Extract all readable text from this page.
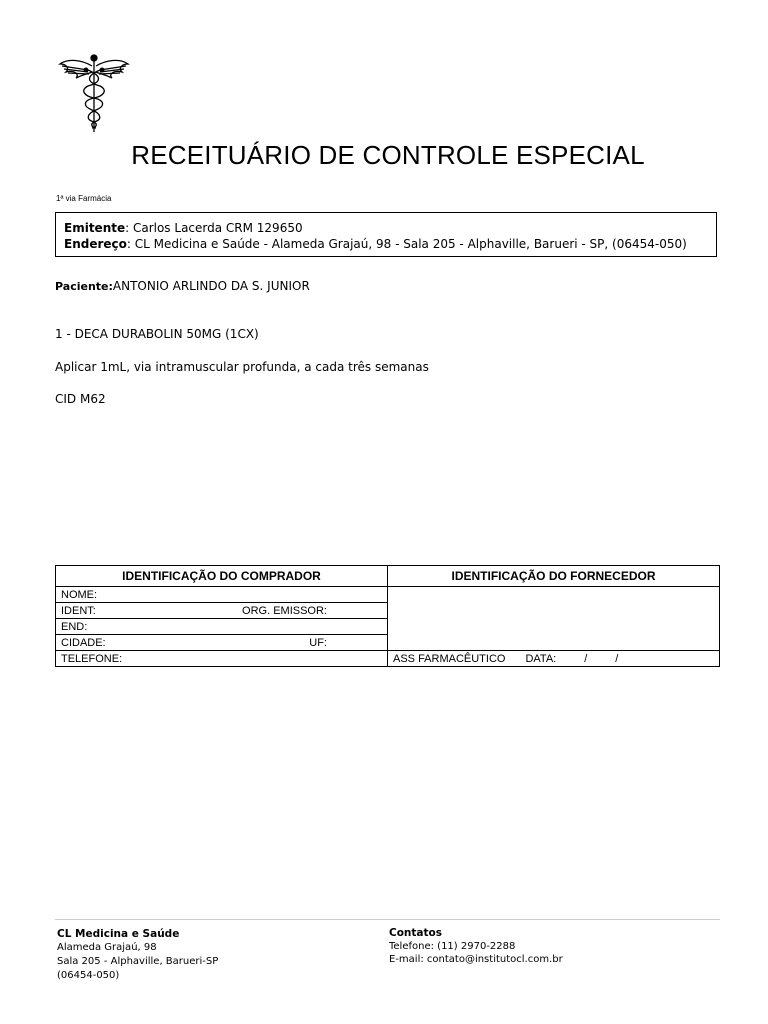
RECEITUÁRIO DE CONTROLE ESPECIAL
1ª via Farmácia
Emitente: Carlos Lacerda CRM 129650
Endereço: CL Medicina e Saúde - Alameda Grajaú, 98 - Sala 205 - Alphaville, Barueri - SP, (06454-050)
Paciente:ANTONIO ARLINDO DA S. JUNIOR
1 - DECA DURABOLIN 50MG (1CX)
Aplicar 1mL, via intramuscular profunda, a cada três semanas
CID M62
IDENTIFICAÇÃO DO COMPRADOR	IDENTIFICAÇÃO DO FORNECEDOR
NOME:	

IDENT: ORG. EMISSOR:	

END:	

CIDADE: UF:	

TELEFONE:	ASS FARMACÊUTICO DATA: / /
CL Medicina e Saúde
Alameda Grajaú, 98
Sala 205 - Alphaville, Barueri-SP
(06454-050)
Contatos
Telefone: (11) 2970-2288
E-mail: contato@institutocl.com.br
